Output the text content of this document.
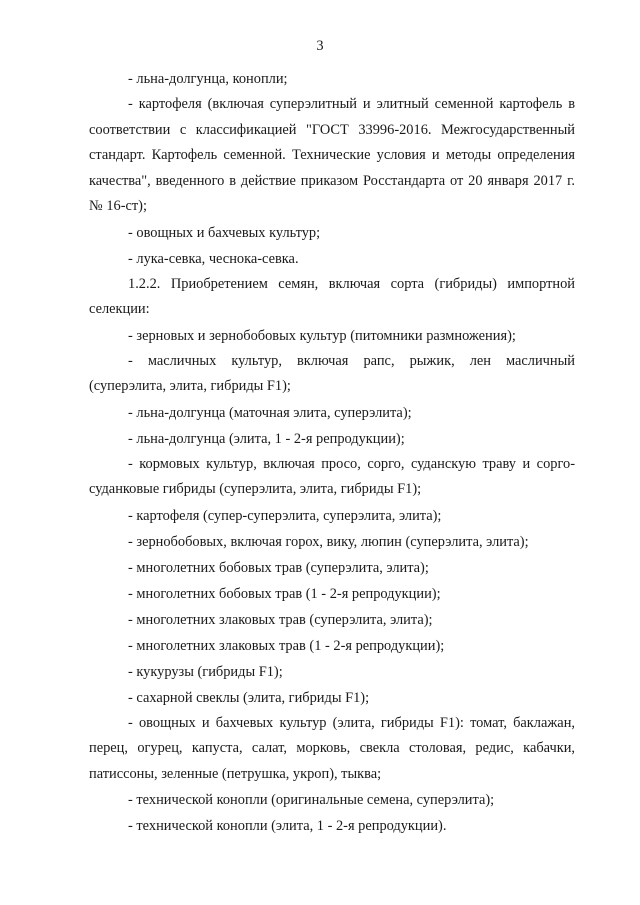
3

- льна-долгунца, конопли;

- картофеля (включая суперэлитный и элитный семенной картофель в соответствии с классификацией "ГОСТ 33996-2016. Межгосударственный стандарт. Картофель семенной. Технические условия и методы определения качества", введенного в действие приказом Росстандарта от 20 января 2017 г. № 16-ст);

- овощных и бахчевых культур;

- лука-севка, чеснока-севка.

1.2.2. Приобретением семян, включая сорта (гибриды) импортной селекции:

- зерновых и зернобобовых культур (питомники размножения);

- масличных культур, включая рапс, рыжик, лен масличный (суперэлита, элита, гибриды F1);

- льна-долгунца (маточная элита, суперэлита);

- льна-долгунца (элита, 1 - 2-я репродукции);

- кормовых культур, включая просо, сорго, суданскую траву и сорго-суданковые гибриды (суперэлита, элита, гибриды F1);

- картофеля (супер-суперэлита, суперэлита, элита);

- зернобобовых, включая горох, вику, люпин (суперэлита, элита);

- многолетних бобовых трав (суперэлита, элита);

- многолетних бобовых трав (1 - 2-я репродукции);

- многолетних злаковых трав (суперэлита, элита);

- многолетних злаковых трав (1 - 2-я репродукции);

- кукурузы (гибриды F1);

- сахарной свеклы (элита, гибриды F1);

- овощных и бахчевых культур (элита, гибриды F1): томат, баклажан, перец, огурец, капуста, салат, морковь, свекла столовая, редис, кабачки, патиссоны, зеленные (петрушка, укроп), тыква;

- технической конопли (оригинальные семена, суперэлита);

- технической конопли (элита, 1 - 2-я репродукции).
